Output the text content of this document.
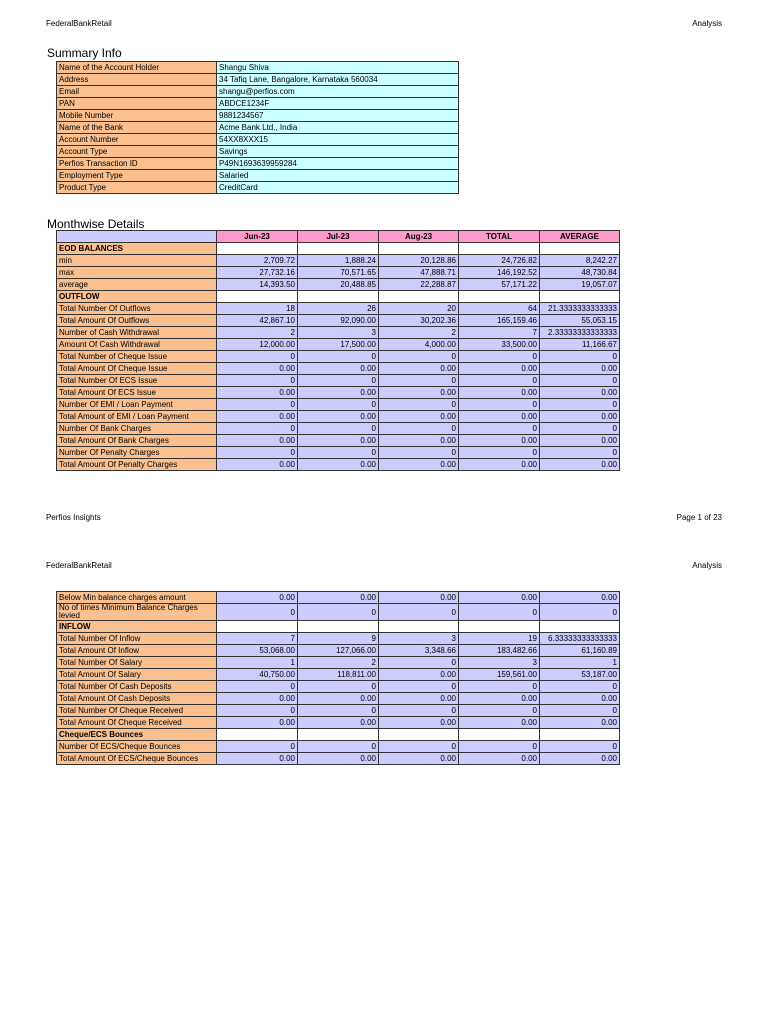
FederalBankRetail	Analysis
Summary Info
Name of the Account Holder	Shangu Shiva
Address	34 Tafiq Lane, Bangalore, Karnataka 560034
Email	shangu@perfios.com
PAN	ABDCE1234F
Mobile Number	9881234567
Name of the Bank	Acme Bank Ltd., India
Account Number	54XX8XXX15
Account Type	Savings
Perfios Transaction ID	P49N1693639959284
Employment Type	Salaried
Product Type	CreditCard
Monthwise Details
	Jun-23	Jul-23	Aug-23	TOTAL	AVERAGE
EOD BALANCES					
min	2,709.72	1,888.24	20,128.86	24,726.82	8,242.27
max	27,732.16	70,571.65	47,888.71	146,192.52	48,730.84
average	14,393.50	20,488.85	22,288.87	57,171.22	19,057.07
OUTFLOW					
Total Number Of Outflows	18	26	20	64	21.3333333333333
Total Amount Of Outflows	42,867.10	92,090.00	30,202.36	165,159.46	55,053.15
Number of Cash Withdrawal	2	3	2	7	2.33333333333333
Amount Of Cash Withdrawal	12,000.00	17,500.00	4,000.00	33,500.00	11,166.67
Total Number of Cheque Issue	0	0	0	0	0
Total Amount Of Cheque Issue	0.00	0.00	0.00	0.00	0.00
Total Number Of ECS Issue	0	0	0	0	0
Total Amount Of ECS Issue	0.00	0.00	0.00	0.00	0.00
Number Of EMI / Loan Payment	0	0	0	0	0
Total Amount of EMI / Loan Payment	0.00	0.00	0.00	0.00	0.00
Number Of Bank Charges	0	0	0	0	0
Total Amount Of Bank Charges	0.00	0.00	0.00	0.00	0.00
Number Of Penalty Charges	0	0	0	0	0
Total Amount Of Penalty Charges	0.00	0.00	0.00	0.00	0.00
Perfios Insights	Page 1 of 23
FederalBankRetail	Analysis
Below Min balance charges amount	0.00	0.00	0.00	0.00	0.00
No of times Minimum Balance Charges levied	0	0	0	0	0
INFLOW					
Total Number Of Inflow	7	9	3	19	6.33333333333333
Total Amount Of Inflow	53,068.00	127,066.00	3,348.66	183,482.66	61,160.89
Total Number Of Salary	1	2	0	3	1
Total Amount Of Salary	40,750.00	118,811.00	0.00	159,561.00	53,187.00
Total Number Of Cash Deposits	0	0	0	0	0
Total Amount Of Cash Deposits	0.00	0.00	0.00	0.00	0.00
Total Number Of Cheque Received	0	0	0	0	0
Total Amount Of Cheque Received	0.00	0.00	0.00	0.00	0.00
Cheque/ECS Bounces					
Number Of ECS/Cheque Bounces	0	0	0	0	0
Total Amount Of ECS/Cheque Bounces	0.00	0.00	0.00	0.00	0.00
